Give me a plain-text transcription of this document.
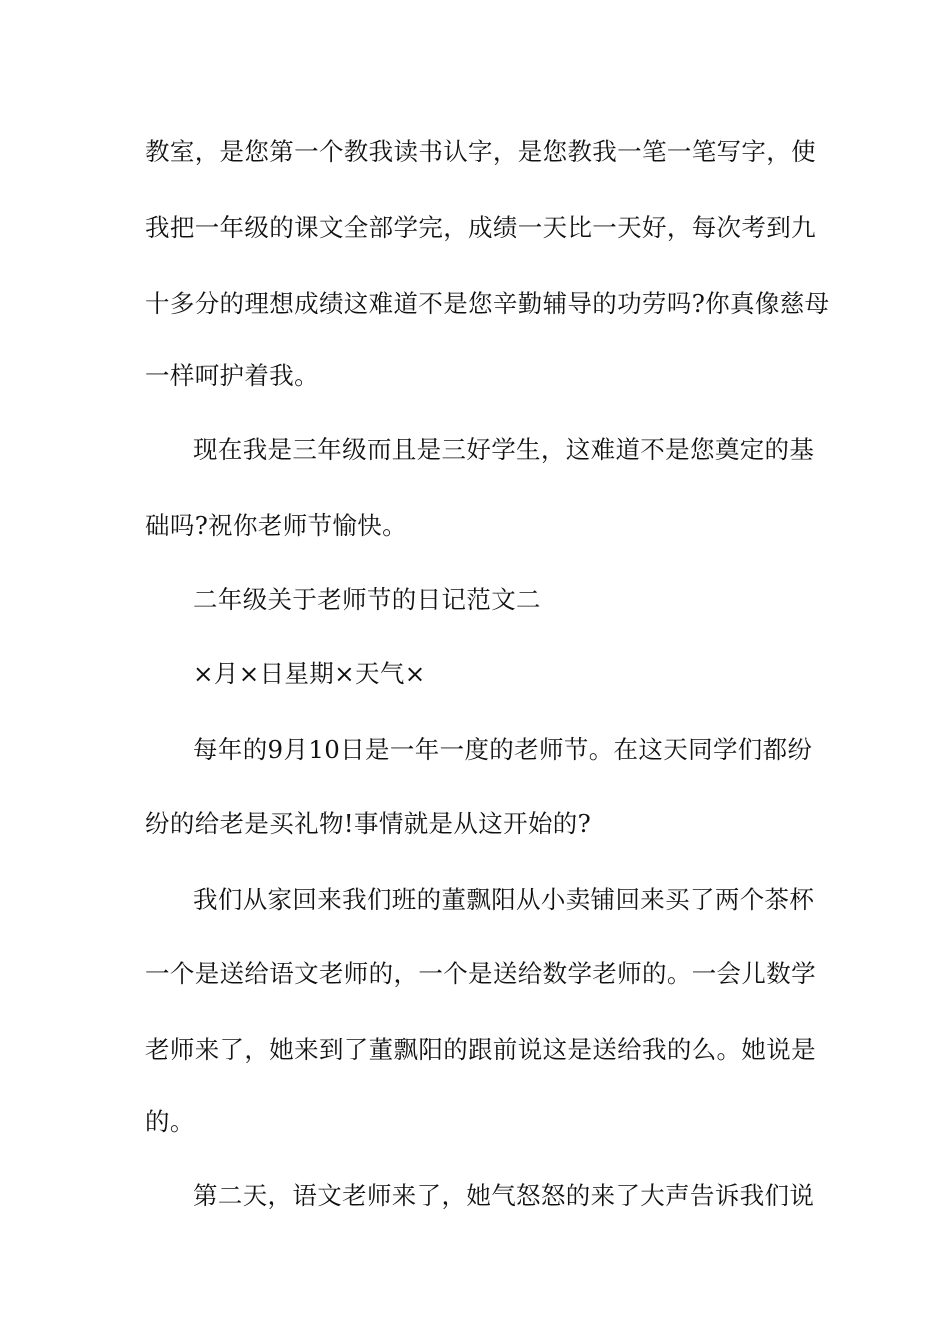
教室，是您第一个教我读书认字，是您教我一笔一笔写字，使
我把一年级的课文全部学完，成绩一天比一天好，每次考到九
十多分的理想成绩这难道不是您辛勤辅导的功劳吗?你真像慈母
一样呵护着我。
现在我是三年级而且是三好学生，这难道不是您奠定的基
础吗?祝你老师节愉快。
二年级关于老师节的日记范文二
×月×日星期×天气×
每年的9月10日是一年一度的老师节。在这天同学们都纷
纷的给老是买礼物!事情就是从这开始的?
我们从家回来我们班的董飘阳从小卖铺回来买了两个茶杯
一个是送给语文老师的，一个是送给数学老师的。一会儿数学
老师来了，她来到了董飘阳的跟前说这是送给我的么。她说是
的。
第二天，语文老师来了，她气怒怒的来了大声告诉我们说
